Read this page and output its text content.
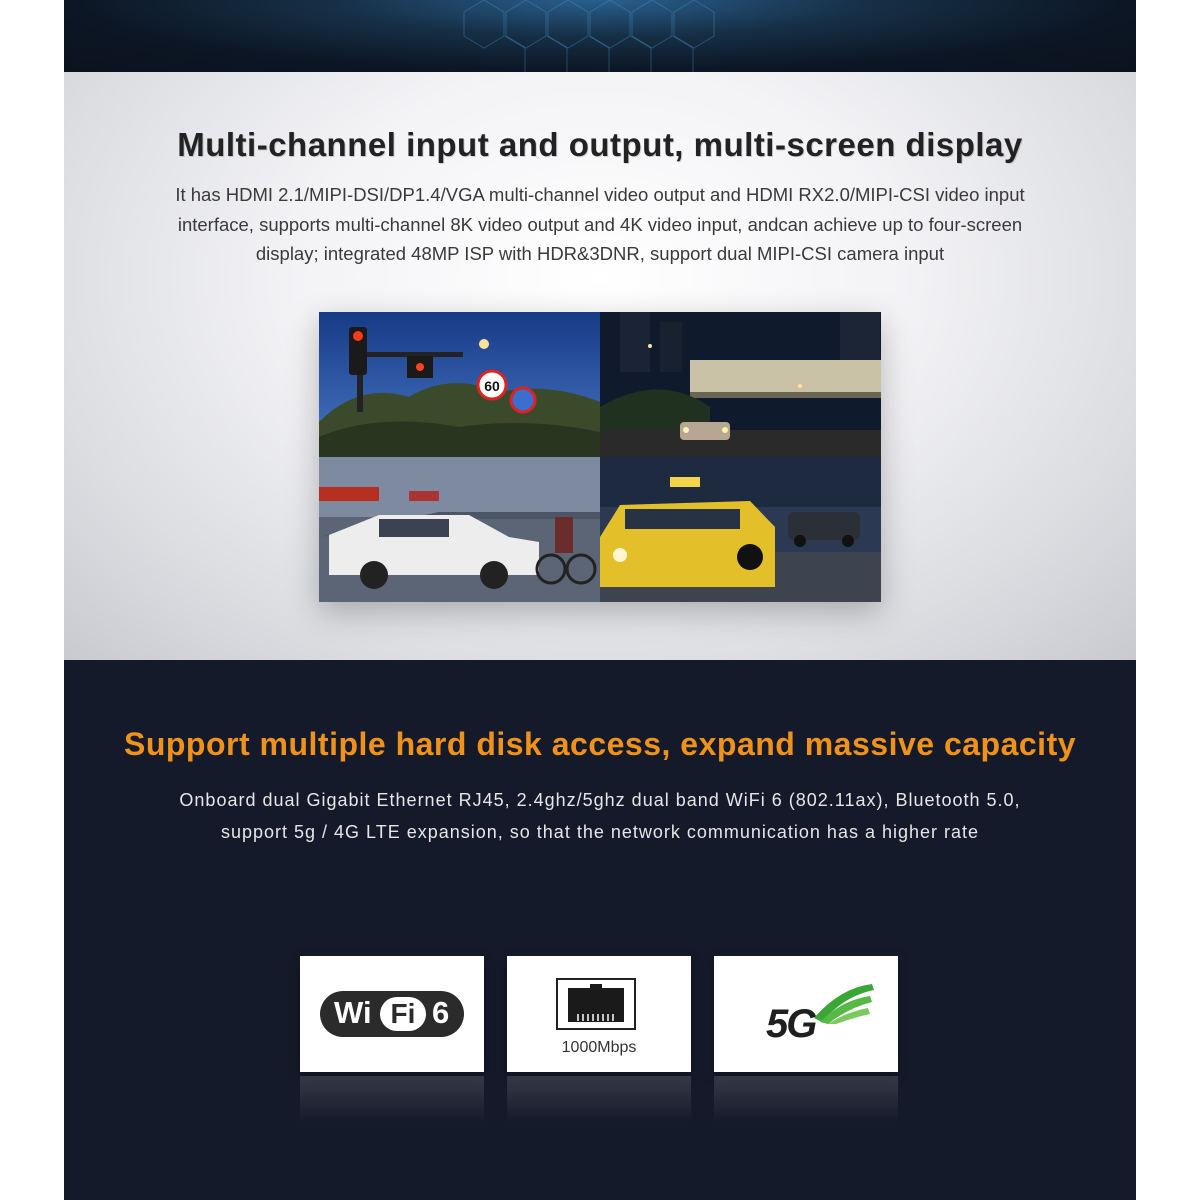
Multi-channel input and output, multi-screen display
It has HDMI 2.1/MIPI-DSI/DP1.4/VGA multi-channel video output and HDMI RX2.0/MIPI-CSI video input
interface, supports multi-channel 8K video output and 4K video input, andcan achieve up to four-screen
display; integrated 48MP ISP with HDR&3DNR, support dual MIPI-CSI camera input
60
Support multiple hard disk access, expand massive capacity
Onboard dual Gigabit Ethernet RJ45, 2.4ghz/5ghz dual band WiFi 6 (802.11ax), Bluetooth 5.0,
support 5g / 4G LTE expansion, so that the network communication has a higher rate
Wi Fi 6
1000Mbps
5G
